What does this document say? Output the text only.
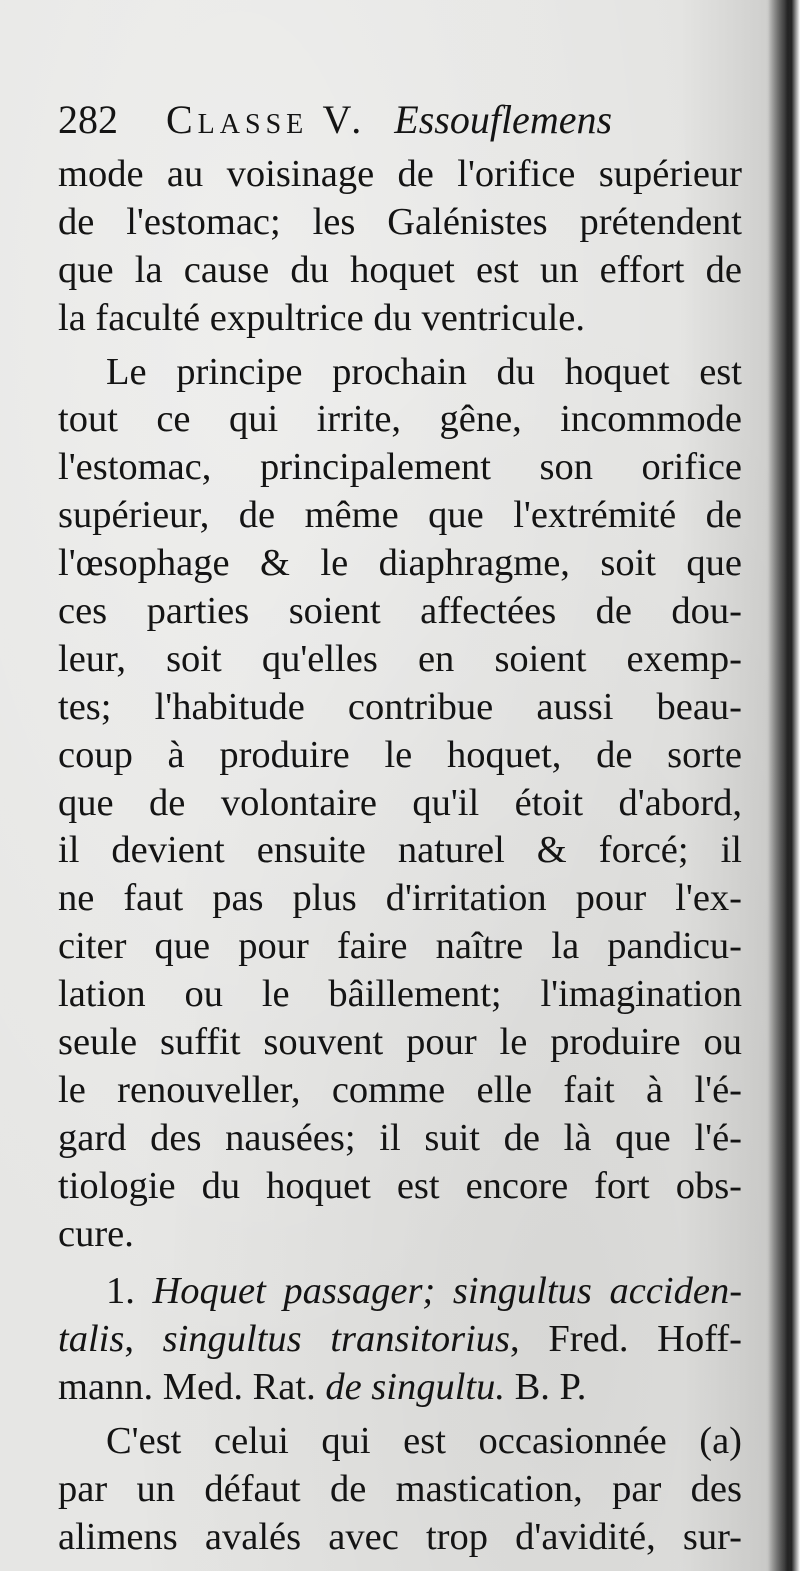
282 Classe V. Essouflemens
mode au voisinage de l'orifice supérieur
de l'estomac; les Galénistes prétendent
que la cause du hoquet est un effort de
la faculté expultrice du ventricule.
Le principe prochain du hoquet est
tout ce qui irrite, gêne, incommode
l'estomac, principalement son orifice
supérieur, de même que l'extrémité de
l'œsophage & le diaphragme, soit que
ces parties soient affectées de dou-
leur, soit qu'elles en soient exemp-
tes; l'habitude contribue aussi beau-
coup à produire le hoquet, de sorte
que de volontaire qu'il étoit d'abord,
il devient ensuite naturel & forcé; il
ne faut pas plus d'irritation pour l'ex-
citer que pour faire naître la pandicu-
lation ou le bâillement; l'imagination
seule suffit souvent pour le produire ou
le renouveller, comme elle fait à l'é-
gard des nausées; il suit de là que l'é-
tiologie du hoquet est encore fort obs-
cure.
1. Hoquet passager; singultus acciden-
talis, singultus transitorius, Fred. Hoff-
mann. Med. Rat. de singultu. B. P.
C'est celui qui est occasionnée (a)
par un défaut de mastication, par des
alimens avalés avec trop d'avidité, sur-
